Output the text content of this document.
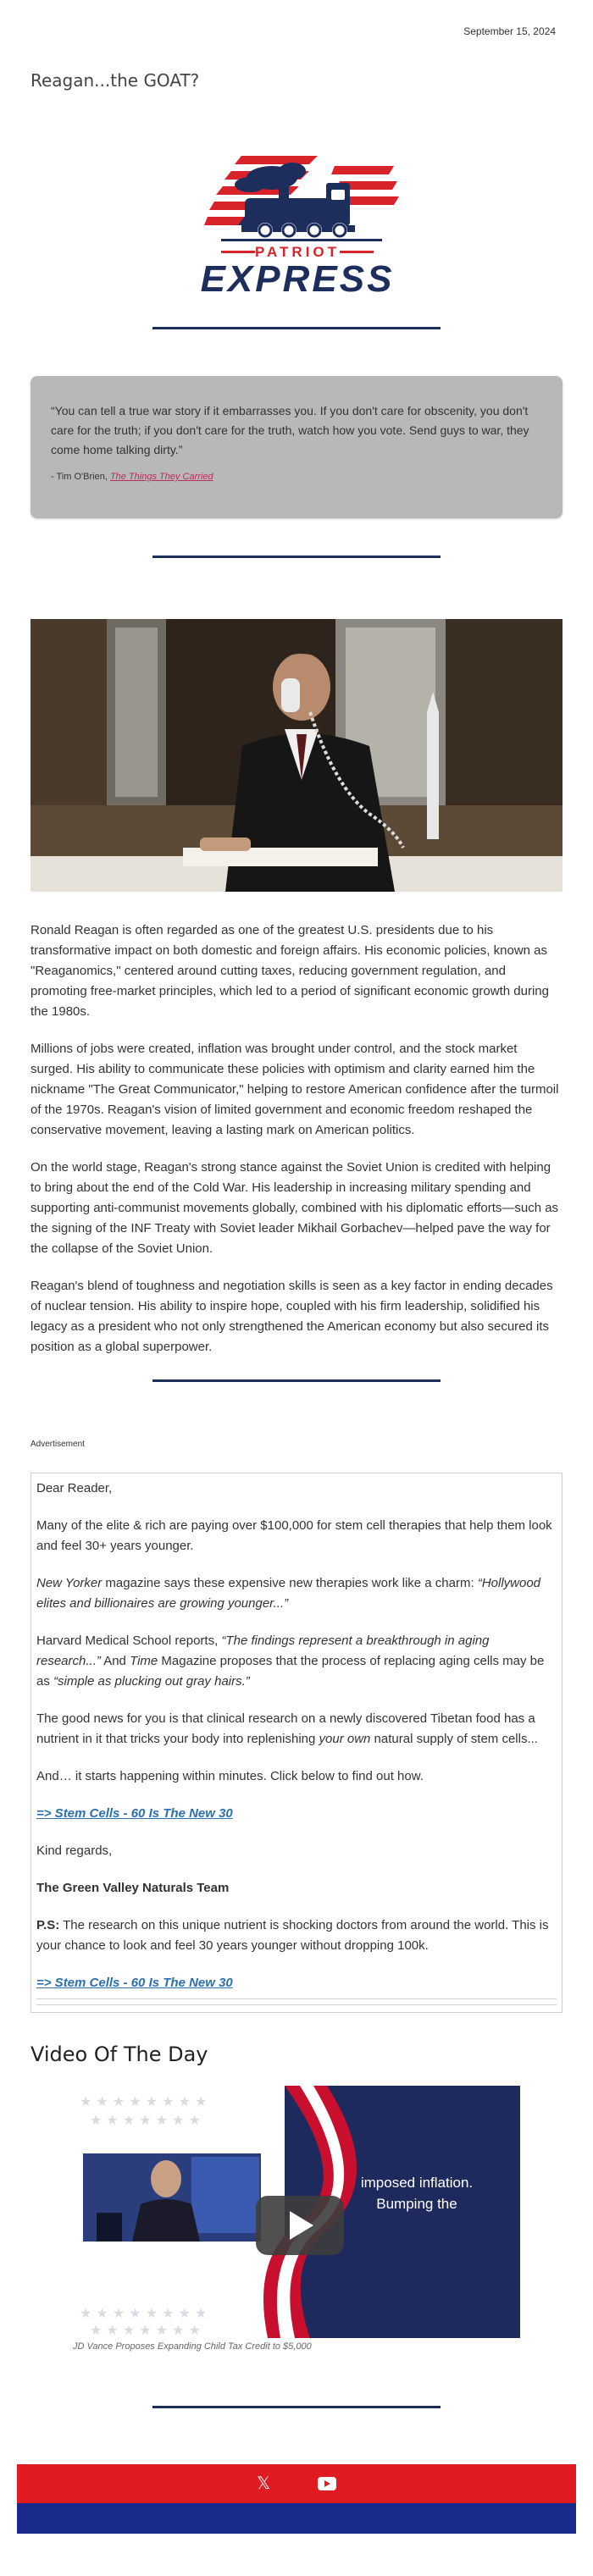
September 15, 2024
Reagan...the GOAT?
PATRIOT
EXPRESS
“You can tell a true war story if it embarrasses you. If you don't care for obscenity, you don't care for the truth; if you don't care for the truth, watch how you vote. Send guys to war, they come home talking dirty.”
- Tim O'Brien, The Things They Carried

Ronald Reagan is often regarded as one of the greatest U.S. presidents due to his transformative impact on both domestic and foreign affairs. His economic policies, known as "Reaganomics," centered around cutting taxes, reducing government regulation, and promoting free-market principles, which led to a period of significant economic growth during the 1980s.

Millions of jobs were created, inflation was brought under control, and the stock market surged. His ability to communicate these policies with optimism and clarity earned him the nickname "The Great Communicator," helping to restore American confidence after the turmoil of the 1970s. Reagan's vision of limited government and economic freedom reshaped the conservative movement, leaving a lasting mark on American politics.

On the world stage, Reagan's strong stance against the Soviet Union is credited with helping to bring about the end of the Cold War. His leadership in increasing military spending and supporting anti-communist movements globally, combined with his diplomatic efforts—such as the signing of the INF Treaty with Soviet leader Mikhail Gorbachev—helped pave the way for the collapse of the Soviet Union.

Reagan's blend of toughness and negotiation skills is seen as a key factor in ending decades of nuclear tension. His ability to inspire hope, coupled with his firm leadership, solidified his legacy as a president who not only strengthened the American economy but also secured its position as a global superpower.

Advertisement

Dear Reader,

Many of the elite & rich are paying over $100,000 for stem cell therapies that help them look and feel 30+ years younger.

New Yorker magazine says these expensive new therapies work like a charm: “Hollywood elites and billionaires are growing younger...”

Harvard Medical School reports, “The findings represent a breakthrough in aging research...” And Time Magazine proposes that the process of replacing aging cells may be as “simple as plucking out gray hairs.”

The good news for you is that clinical research on a newly discovered Tibetan food has a nutrient in it that tricks your body into replenishing your own natural supply of stem cells...

And… it starts happening within minutes. Click below to find out how.

=> Stem Cells - 60 Is The New 30

Kind regards,

The Green Valley Naturals Team

P.S: The research on this unique nutrient is shocking doctors from around the world. This is your chance to look and feel 30 years younger without dropping 100k.

=> Stem Cells - 60 Is The New 30

Video Of The Day
★ ★ ★ ★ ★ ★ ★ ★
★ ★ ★ ★ ★ ★ ★
★ ★ ★ ★ ★ ★ ★ ★
★ ★ ★ ★ ★ ★ ★
imposed inflation.
Bumping the
JD Vance Proposes Expanding Child Tax Credit to $5,000
𝕏
